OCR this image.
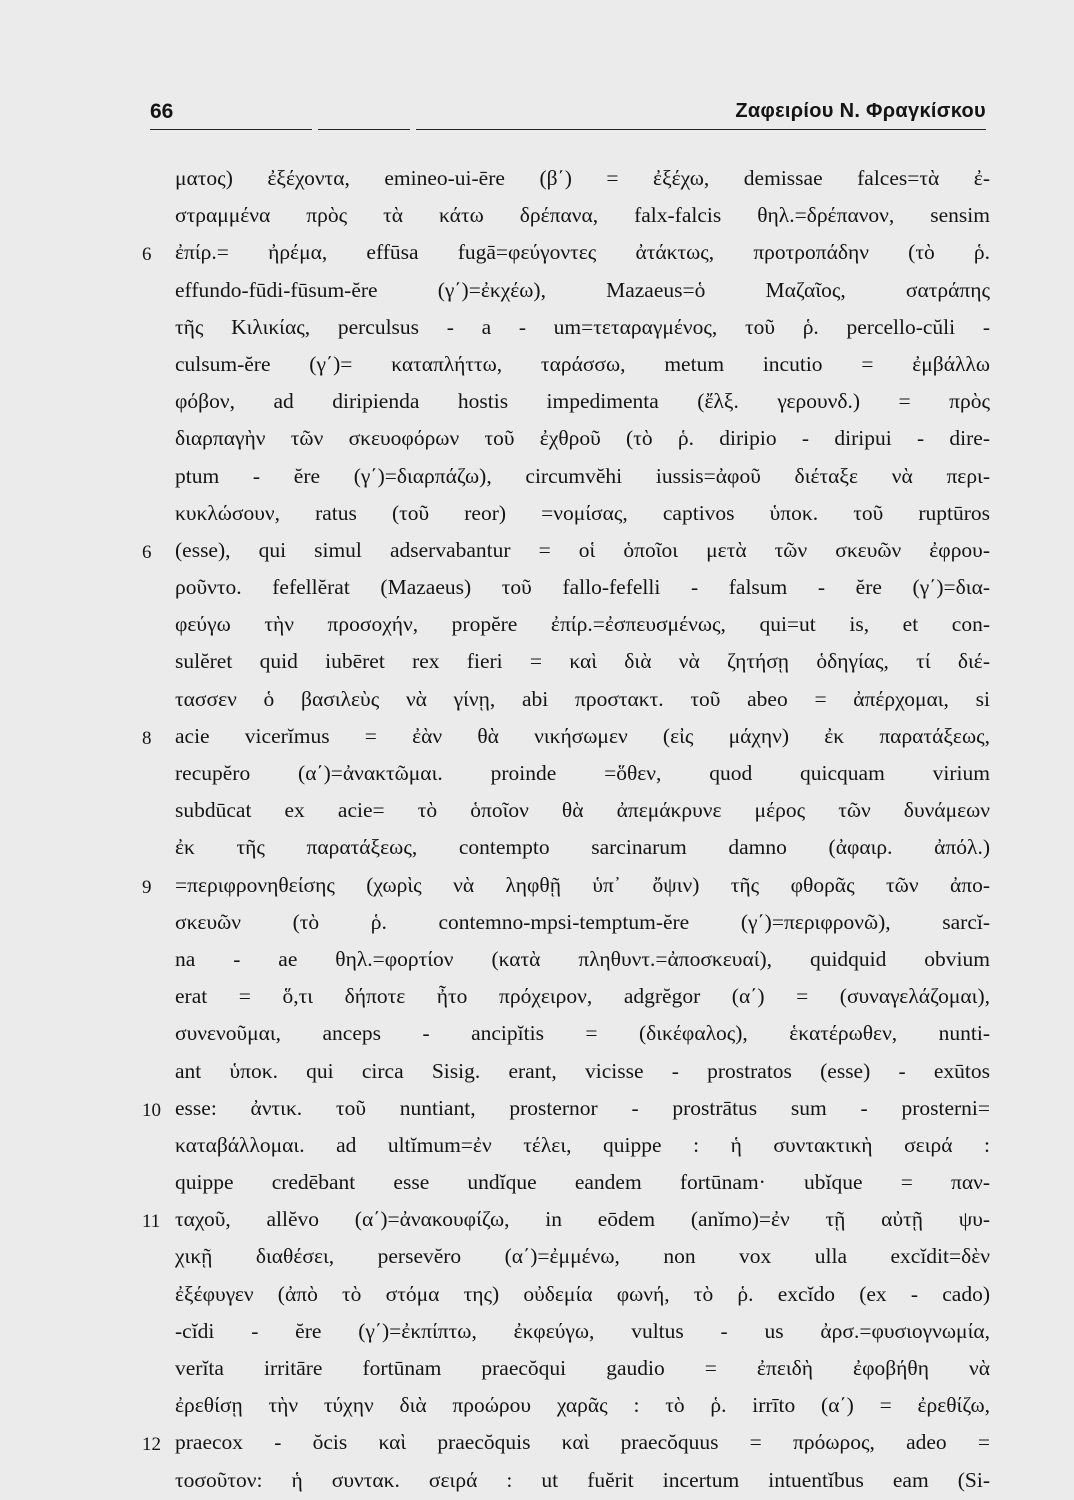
66	Ζαφειρίου Ν. Φραγκίσκου
ματος) ἐξέχοντα, emineo-ui-ēre (β΄) = ἐξέχω, demissae falces=τὰ ἐ-
στραμμένα πρὸς τὰ κάτω δρέπανα, falx-falcis θηλ.=δρέπανον, sensim
6 ἐπίρ.= ἠρέμα, effūsa fugā=φεύγοντες ἀτάκτως, προτροπάδην (τὸ ῥ.
effundo-fūdi-fūsum-ĕre (γ΄)=ἐκχέω), Mazaeus=ὁ Μαζαῖος, σατράπης
τῆς Κιλικίας, perculsus - a - um=τεταραγμένος, τοῦ ῥ. percello-cŭli -
culsum-ĕre (γ΄)= καταπλήττω, ταράσσω, metum incutio = ἐμβάλλω
φόβον, ad diripienda hostis impedimenta (ἔλξ. γερουνδ.) = πρὸς
διαρπαγὴν τῶν σκευοφόρων τοῦ ἐχθροῦ (τὸ ῥ. diripio - diripui - dire-
ptum - ĕre (γ΄)=διαρπάζω), circumvĕhi iussis=ἀφοῦ διέταξε νὰ περι-
κυκλώσουν, ratus (τοῦ reor) =νομίσας, captivos ὑποκ. τοῦ ruptūros
6 (esse), qui simul adservabantur = οἱ ὁποῖοι μετὰ τῶν σκευῶν ἐφρου-
ροῦντο. fefellĕrat (Mazaeus) τοῦ fallo-fefelli - falsum - ĕre (γ΄)=δια-
φεύγω τὴν προσοχήν, propĕre ἐπίρ.=ἐσπευσμένως, qui=ut is, et con-
sulĕret quid iubēret rex fieri = καὶ διὰ νὰ ζητήσῃ ὁδηγίας, τί διέ-
τασσεν ὁ βασιλεὺς νὰ γίνῃ, abi προστακτ. τοῦ abeo = ἀπέρχομαι, si
8 acie vicerĭmus = ἐὰν θὰ νικήσωμεν (εἰς μάχην) ἐκ παρατάξεως,
recupĕro (α΄)=ἀνακτῶμαι. proinde =ὅθεν, quod quicquam virium
subdūcat ex acie= τὸ ὁποῖον θὰ ἀπεμάκρυνε μέρος τῶν δυνάμεων
ἐκ τῆς παρατάξεως, contempto sarcinarum damno (ἀφαιρ. ἀπόλ.)
9 =περιφρονηθείσης (χωρὶς νὰ ληφθῇ ὑπ᾽ ὄψιν) τῆς φθορᾶς τῶν ἀπο-
σκευῶν (τὸ ῥ. contemno-mpsi-temptum-ĕre (γ΄)=περιφρονῶ), sarcĭ-
na - ae θηλ.=φορτίον (κατὰ πληθυντ.=ἀποσκευαί), quidquid obvium
erat = ὅ,τι δήποτε ἦτο πρόχειρον, adgrĕgor (α΄) = (συναγελάζομαι),
συνενοῦμαι, anceps - ancipĭtis = (δικέφαλος), ἑκατέρωθεν, nunti-
ant ὑποκ. qui circa Sisig. erant, vicisse - prostratos (esse) - exūtos
10 esse: ἀντικ. τοῦ nuntiant, prosternor - prostrātus sum - prosterni=
καταβάλλομαι. ad ultĭmum=ἐν τέλει, quippe : ἡ συντακτικὴ σειρά :
quippe credēbant esse undĭque eandem fortūnam· ubĭque = παν-
11 ταχοῦ, allĕvo (α΄)=ἀνακουφίζω, in eōdem (anĭmo)=ἐν τῇ αὐτῇ ψυ-
χικῇ διαθέσει, persevĕro (α΄)=ἐμμένω, non vox ulla excĭdit=δὲν
ἐξέφυγεν (ἀπὸ τὸ στόμα της) οὐδεμία φωνή, τὸ ῥ. excĭdo (ex - cado)
-cĭdi - ĕre (γ΄)=ἐκπίπτω, ἐκφεύγω, vultus - us ἀρσ.=φυσιογνωμία,
verĭta irritāre fortūnam praecŏqui gaudio = ἐπειδὴ ἐφοβήθη νὰ
ἐρεθίσῃ τὴν τύχην διὰ προώρου χαρᾶς : τὸ ῥ. irrīto (α΄) = ἐρεθίζω,
12 praecox - ŏcis καὶ praecŏquis καὶ praecŏquus = πρόωρος, adeo =
τοσοῦτον: ἡ συντακ. σειρά : ut fuĕrit incertum intuentĭbus eam (Si-
